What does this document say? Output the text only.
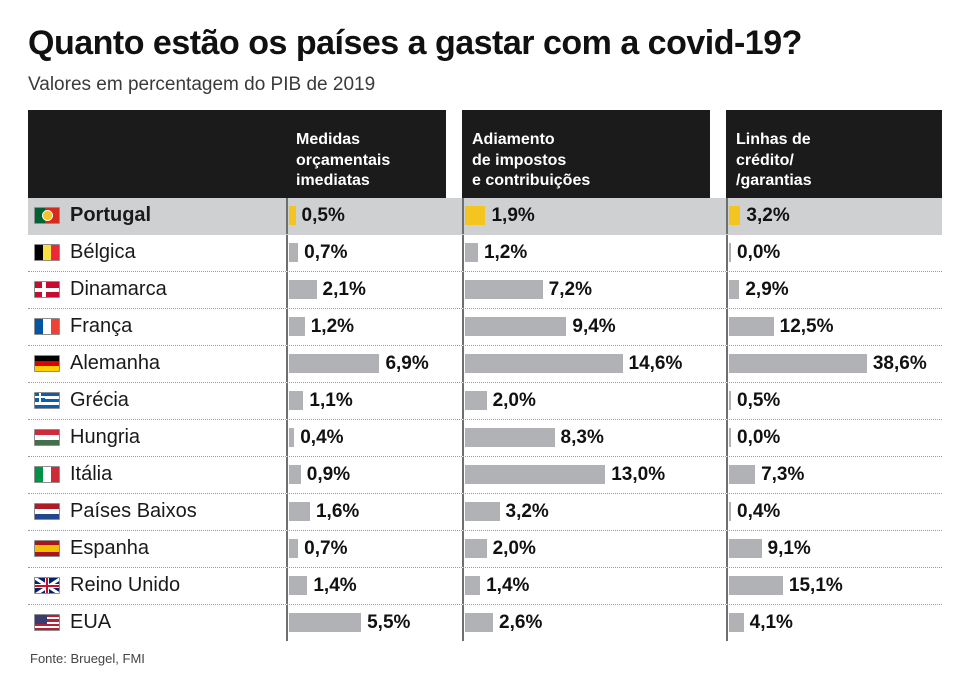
Quanto estão os países a gastar com a covid-19?
Valores em percentagem do PIB de 2019
Medidas
orçamentais
imediatas
Adiamento
de impostos
e contribuições
Linhas de
crédito/
/garantias
Portugal	0,5%	1,9%	3,2%
Bélgica	0,7%	1,2%	0,0%
Dinamarca	2,1%	7,2%	2,9%
França	1,2%	9,4%	12,5%
Alemanha	6,9%	14,6%	38,6%
Grécia	1,1%	2,0%	0,5%
Hungria	0,4%	8,3%	0,0%
Itália	0,9%	13,0%	7,3%
Países Baixos	1,6%	3,2%	0,4%
Espanha	0,7%	2,0%	9,1%
Reino Unido	1,4%	1,4%	15,1%
EUA	5,5%	2,6%	4,1%
Fonte: Bruegel, FMI
